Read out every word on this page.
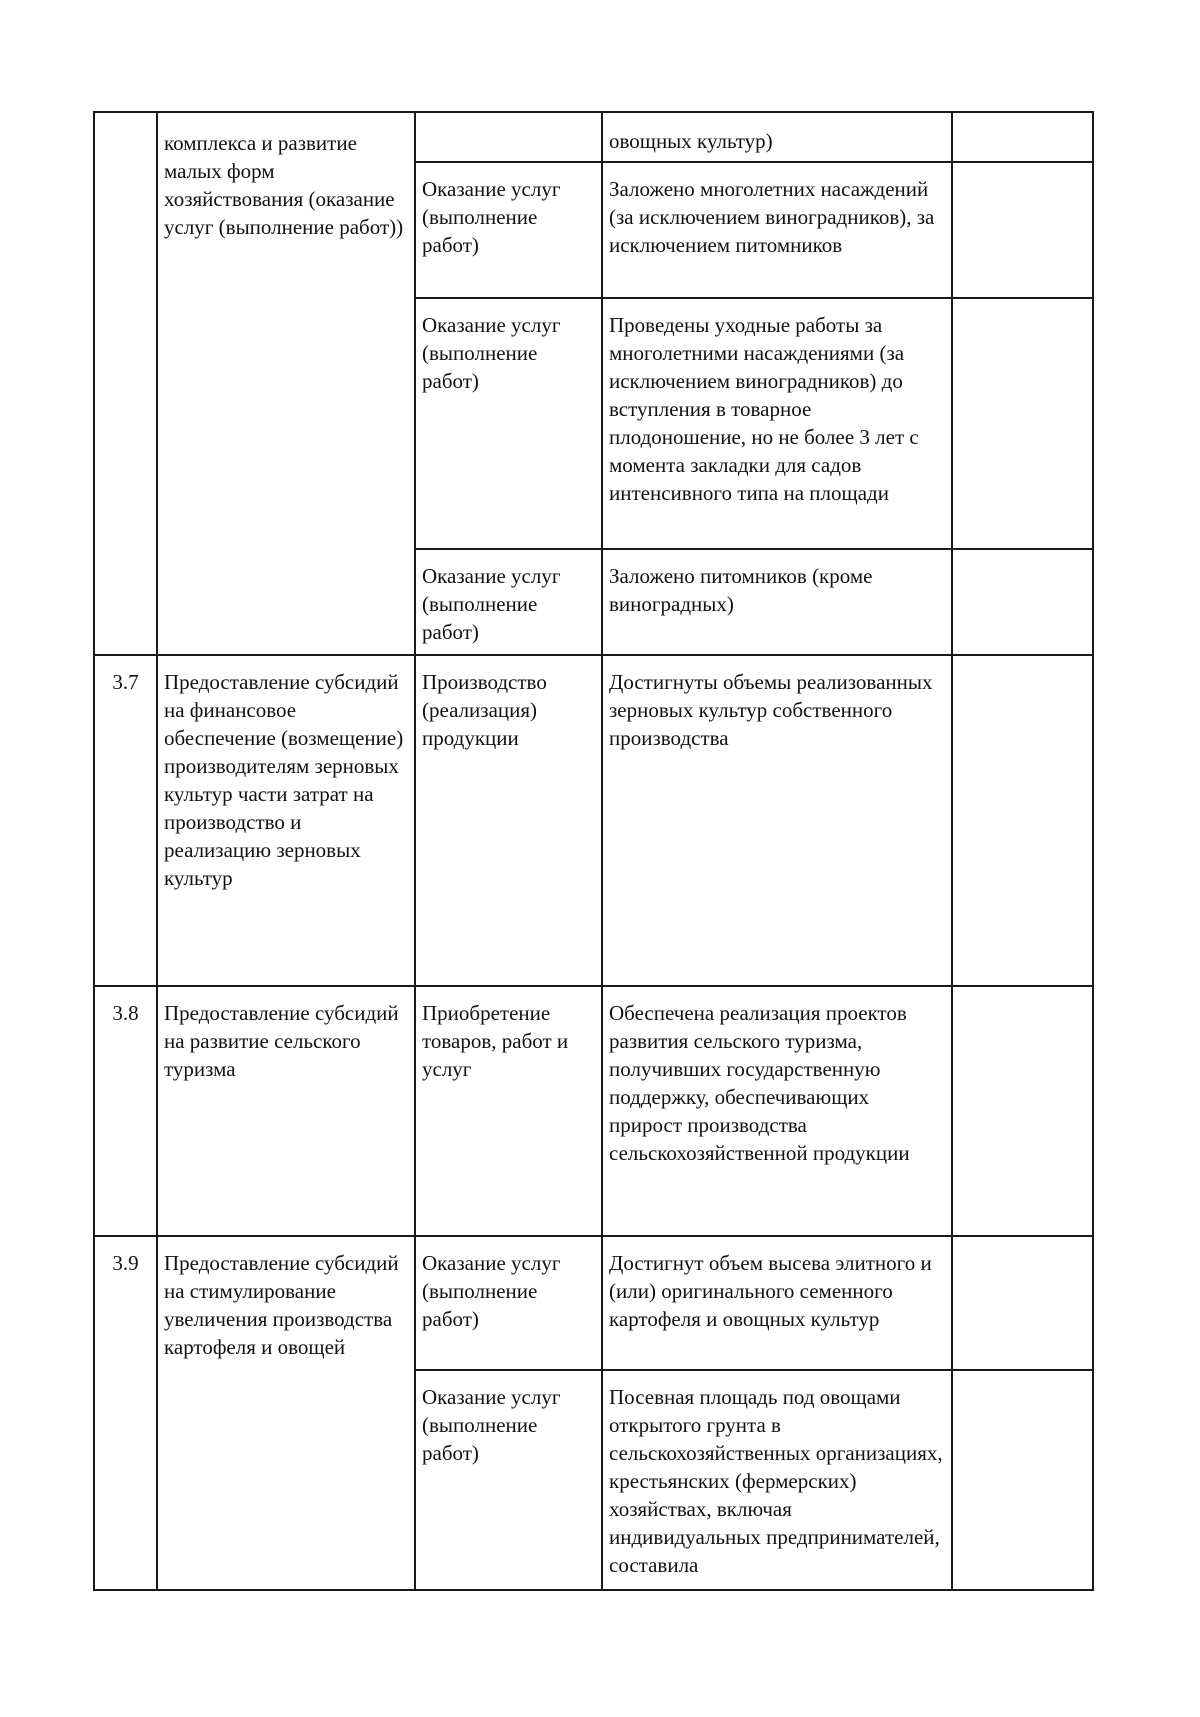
	комплекса и развитие малых форм хозяйствования (оказание услуг (выполнение работ))		овощных культур)	
		Оказание услуг (выполнение работ)	Заложено многолетних насаждений (за исключением виноградников), за исключением питомников	
		Оказание услуг (выполнение работ)	Проведены уходные работы за многолетними насаждениями (за исключением виноградников) до вступления в товарное плодоношение, но не более 3 лет с момента закладки для садов интенсивного типа на площади	
		Оказание услуг (выполнение работ)	Заложено питомников (кроме виноградных)	
3.7	Предоставление субсидий на финансовое обеспечение (возмещение) производителям зерновых культур части затрат на производство и реализацию зерновых культур	Производство (реализация) продукции	Достигнуты объемы реализованных зерновых культур собственного производства	
3.8	Предоставление субсидий на развитие сельского туризма	Приобретение товаров, работ и услуг	Обеспечена реализация проектов развития сельского туризма, получивших государственную поддержку, обеспечивающих прирост производства сельскохозяйственной продукции	
3.9	Предоставление субсидий на стимулирование увеличения производства картофеля и овощей	Оказание услуг (выполнение работ)	Достигнут объем высева элитного и (или) оригинального семенного картофеля и овощных культур	
		Оказание услуг (выполнение работ)	Посевная площадь под овощами открытого грунта в сельскохозяйственных организациях, крестьянских (фермерских) хозяйствах, включая индивидуальных предпринимателей, составила	
